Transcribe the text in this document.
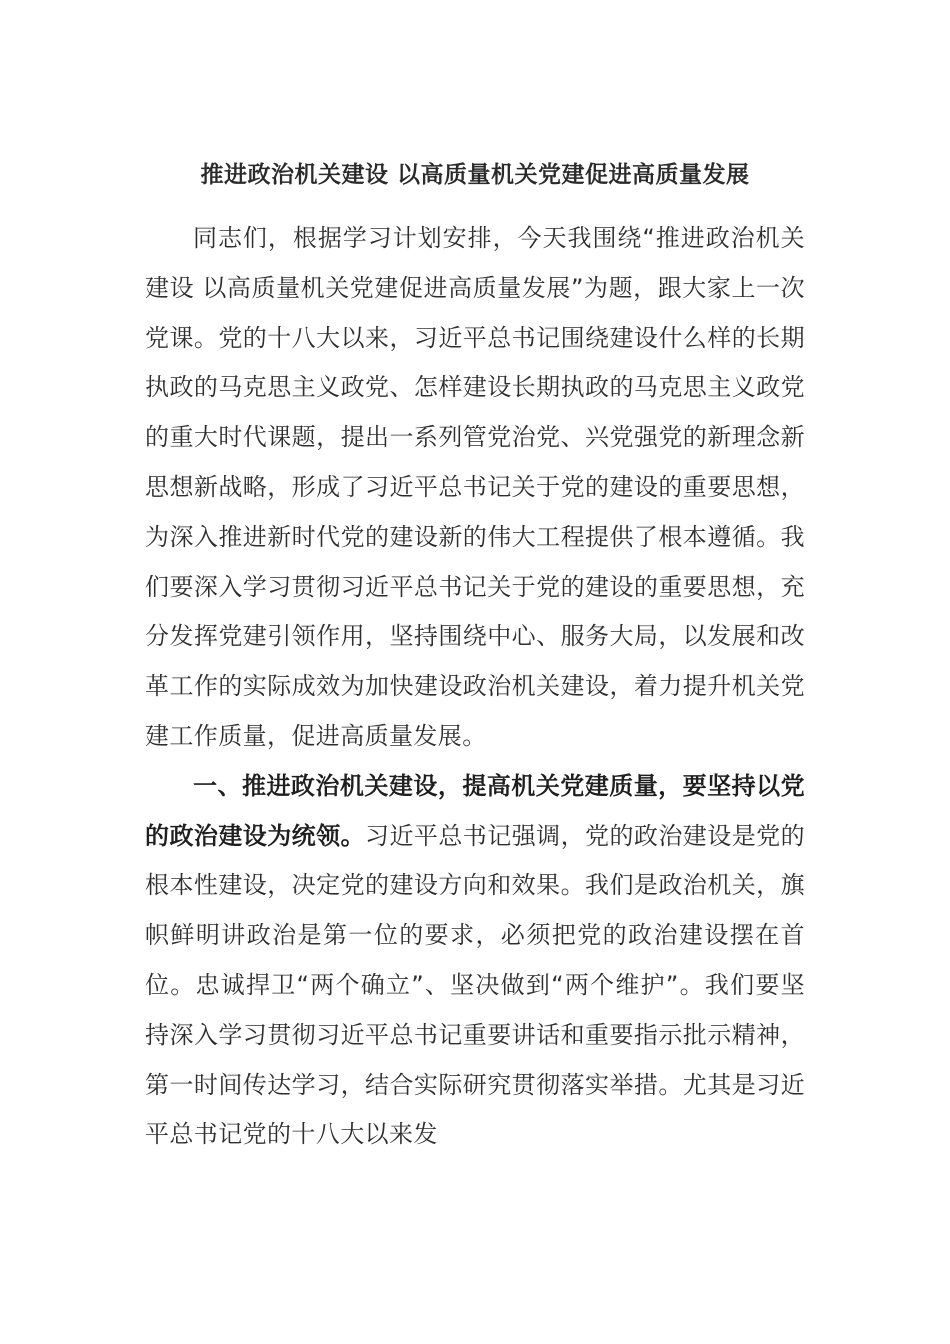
推进政治机关建设 以高质量机关党建促进高质量发展

同志们，根据学习计划安排，今天我围绕“推进政治机关建设 以高质量机关党建促进高质量发展”为题，跟大家上一次党课。党的十八大以来，习近平总书记围绕建设什么样的长期执政的马克思主义政党、怎样建设长期执政的马克思主义政党的重大时代课题，提出一系列管党治党、兴党强党的新理念新思想新战略，形成了习近平总书记关于党的建设的重要思想，为深入推进新时代党的建设新的伟大工程提供了根本遵循。我们要深入学习贯彻习近平总书记关于党的建设的重要思想，充分发挥党建引领作用，坚持围绕中心、服务大局，以发展和改革工作的实际成效为加快建设政治机关建设，着力提升机关党建工作质量，促进高质量发展。

一、推进政治机关建设，提高机关党建质量，要坚持以党的政治建设为统领。习近平总书记强调，党的政治建设是党的根本性建设，决定党的建设方向和效果。我们是政治机关，旗帜鲜明讲政治是第一位的要求，必须把党的政治建设摆在首位。忠诚捍卫“两个确立”、坚决做到“两个维护”。我们要坚持深入学习贯彻习近平总书记重要讲话和重要指示批示精神，第一时间传达学习，结合实际研究贯彻落实举措。尤其是习近平总书记党的十八大以来发
